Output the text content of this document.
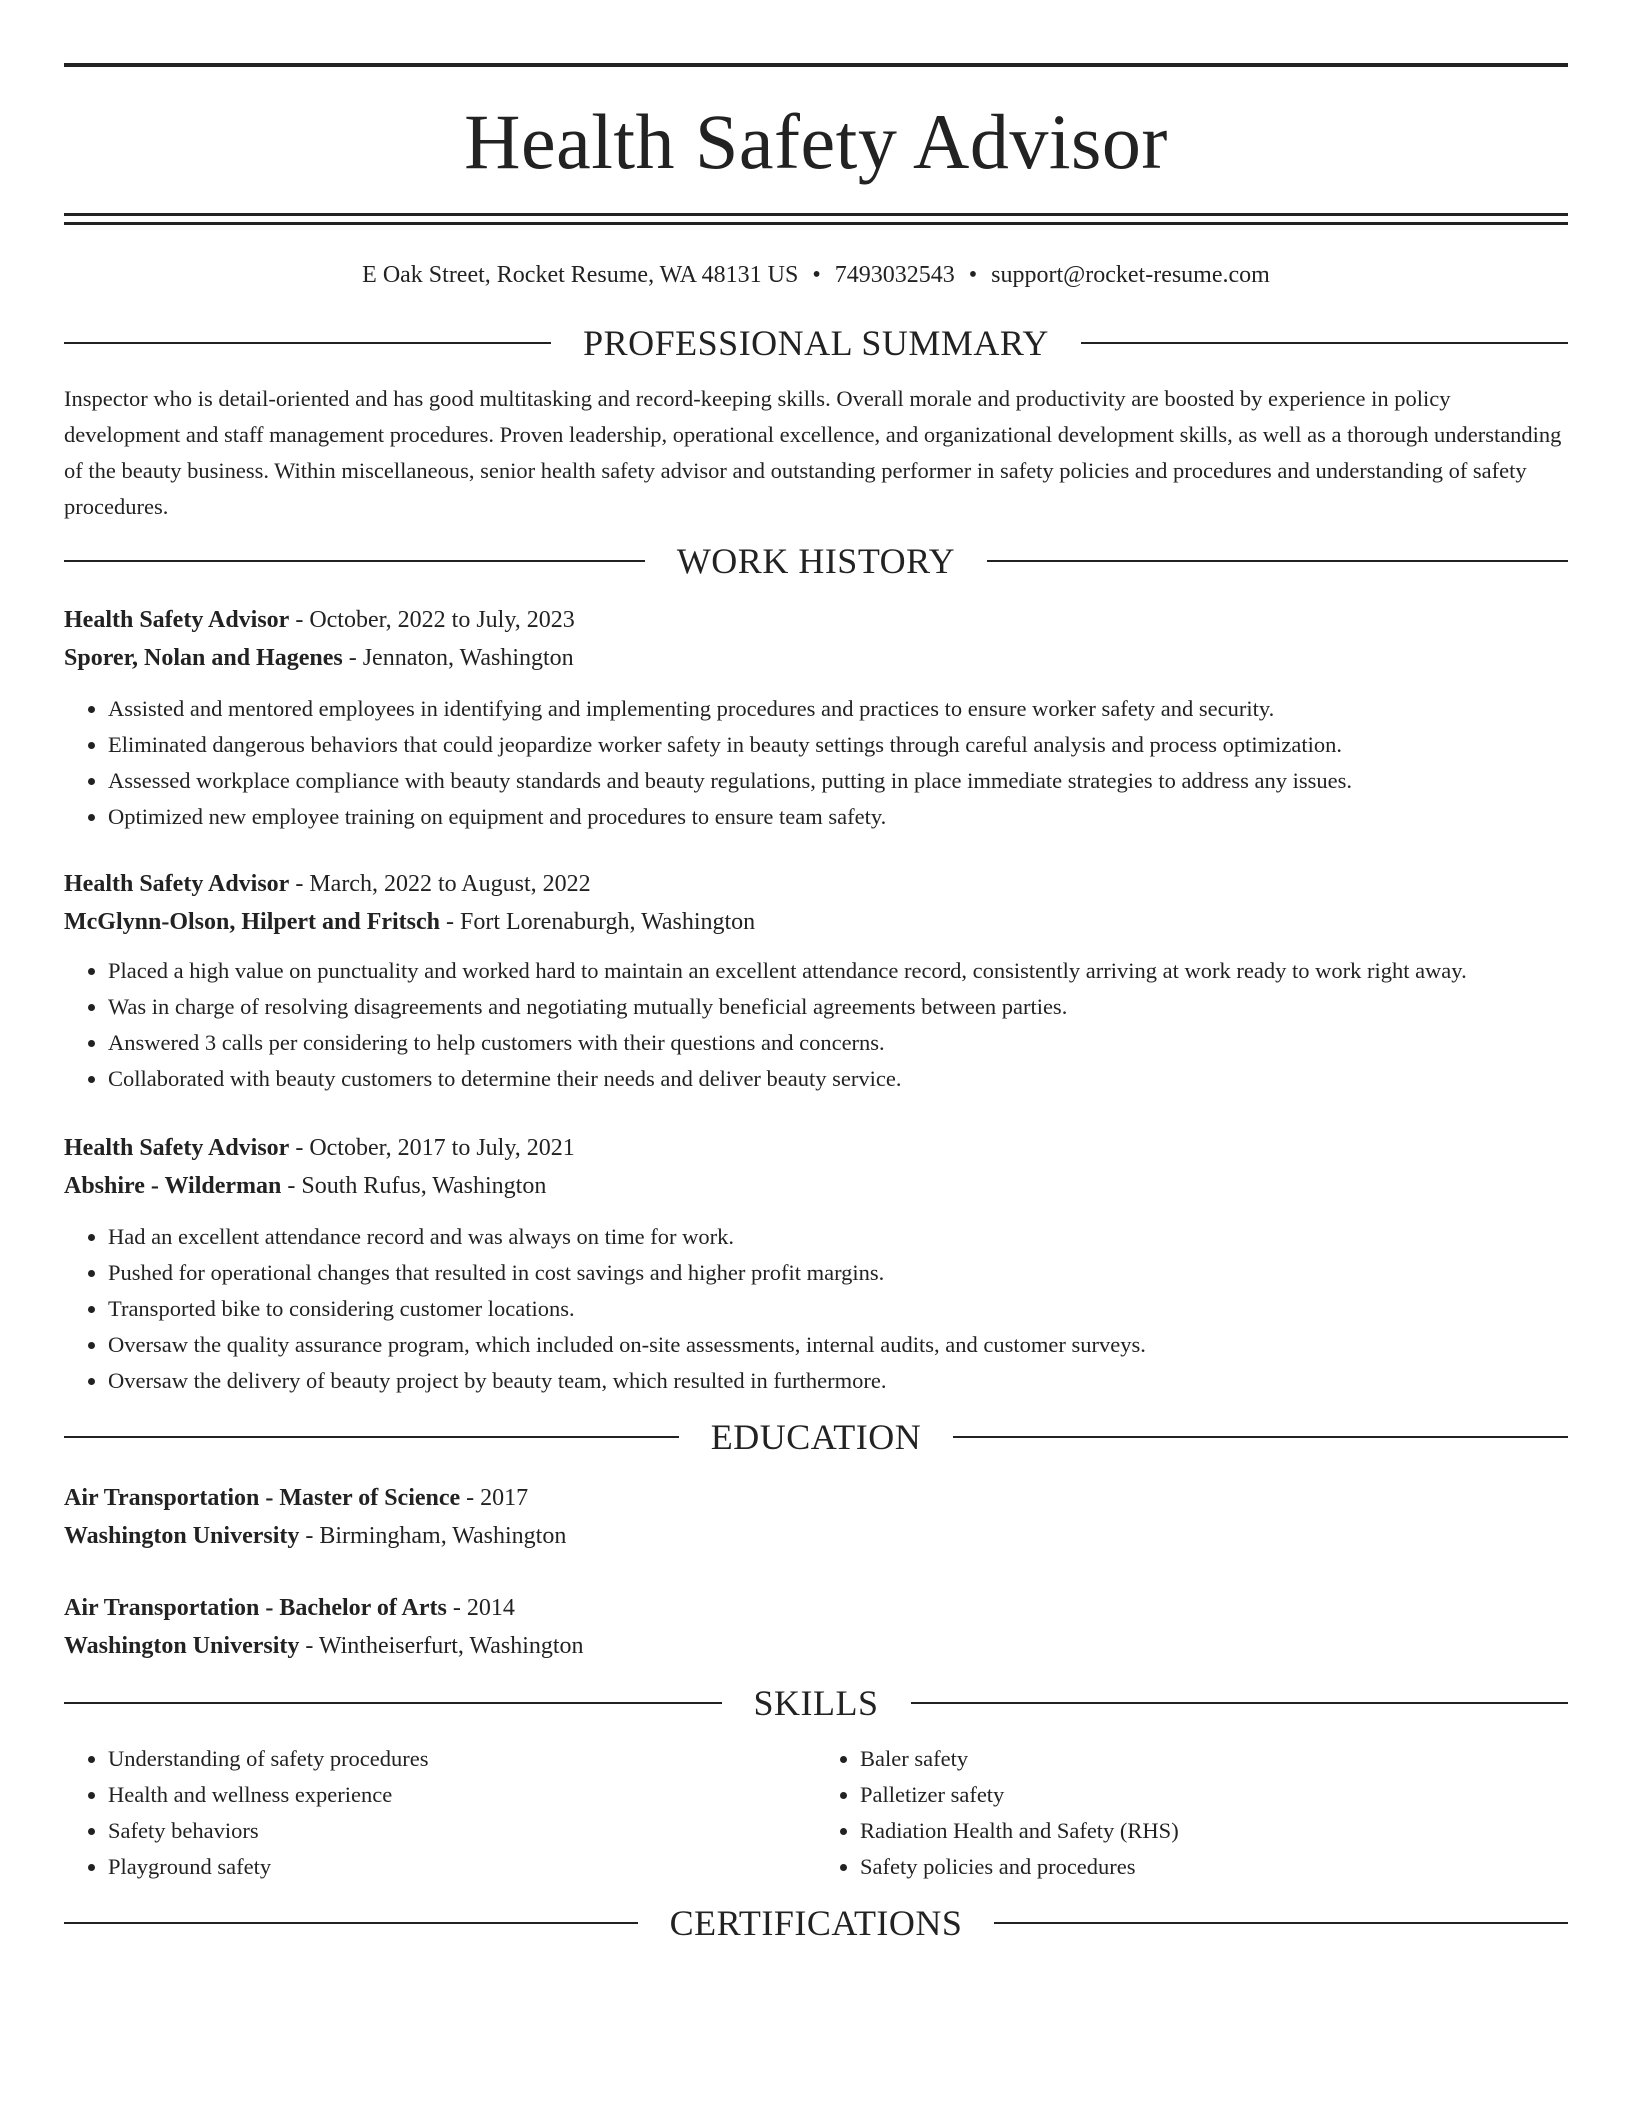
Health Safety Advisor
E Oak Street, Rocket Resume, WA 48131 US • 7493032543 • support@rocket-resume.com
PROFESSIONAL SUMMARY

Inspector who is detail-oriented and has good multitasking and record-keeping skills. Overall morale and productivity are boosted by experience in policy development and staff management procedures. Proven leadership, operational excellence, and organizational development skills, as well as a thorough understanding of the beauty business. Within miscellaneous, senior health safety advisor and outstanding performer in safety policies and procedures and understanding of safety procedures.

WORK HISTORY

Health Safety Advisor - October, 2022 to July, 2023

Sporer, Nolan and Hagenes - Jennaton, Washington

• Assisted and mentored employees in identifying and implementing procedures and practices to ensure worker safety and security.
• Eliminated dangerous behaviors that could jeopardize worker safety in beauty settings through careful analysis and process optimization.
• Assessed workplace compliance with beauty standards and beauty regulations, putting in place immediate strategies to address any issues.
• Optimized new employee training on equipment and procedures to ensure team safety.

Health Safety Advisor - March, 2022 to August, 2022

McGlynn-Olson, Hilpert and Fritsch - Fort Lorenaburgh, Washington

• Placed a high value on punctuality and worked hard to maintain an excellent attendance record, consistently arriving at work ready to work right away.
• Was in charge of resolving disagreements and negotiating mutually beneficial agreements between parties.
• Answered 3 calls per considering to help customers with their questions and concerns.
• Collaborated with beauty customers to determine their needs and deliver beauty service.

Health Safety Advisor - October, 2017 to July, 2021

Abshire - Wilderman - South Rufus, Washington

• Had an excellent attendance record and was always on time for work.
• Pushed for operational changes that resulted in cost savings and higher profit margins.
• Transported bike to considering customer locations.
• Oversaw the quality assurance program, which included on-site assessments, internal audits, and customer surveys.
• Oversaw the delivery of beauty project by beauty team, which resulted in furthermore.
EDUCATION

Air Transportation - Master of Science - 2017

Washington University - Birmingham, Washington

Air Transportation - Bachelor of Arts - 2014

Washington University - Wintheiserfurt, Washington

SKILLS
• Understanding of safety procedures
• Health and wellness experience
• Safety behaviors
• Playground safety
• Baler safety
• Palletizer safety
• Radiation Health and Safety (RHS)
• Safety policies and procedures
CERTIFICATIONS
